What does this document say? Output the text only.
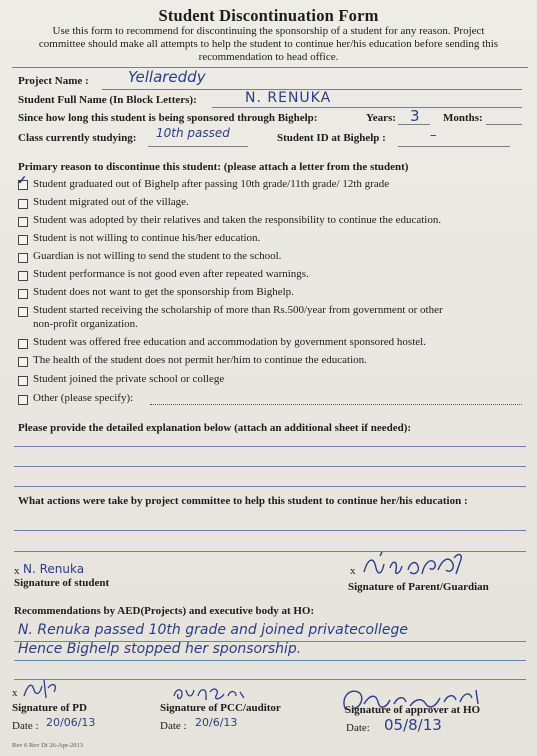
Student Discontinuation Form
Use this form to recommend for discontinuing the sponsorship of a student for any reason. Project
committee should make all attempts to help the student to continue her/his education before sending this
recommendation to head office.
Project Name :	Yellareddy
Student Full Name (In Block Letters):	N. RENUKA
Since how long this student is being sponsored through Bighelp:	Years: 3 Months:
Class currently studying: 10th passed	Student ID at Bighelp :	–
Primary reason to discontinue this student: (please attach a letter from the student)
✓ Student graduated out of Bighelp after passing 10th grade/11th grade/ 12th grade
Student migrated out of the village.
Student was adopted by their relatives and taken the responsibility to continue the education.
Student is not willing to continue his/her education.
Guardian is not willing to send the student to the school.
Student performance is not good even after repeated warnings.
Student does not want to get the sponsorship from Bighelp.
Student started receiving the scholarship of more than Rs.500/year from government or other
non-profit organization.
Student was offered free education and accommodation by government sponsored hostel.
The health of the student does not permit her/him to continue the education.
Student joined the private school or college
Other (please specify):
Please provide the detailed explanation below (attach an additional sheet if needed):
What actions were take by project committee to help this student to continue her/his education :
x N. Renuka
Signature of student
x
Signature of Parent/Guardian
Recommendations by AED(Projects) and executive body at HO:
N. Renuka passed 10th grade and joined privatecollege
Hence Bighelp stopped her sponsorship.
x
Signature of PD
Date : 20/06/13
Signature of PCC/auditor
Date : 20/6/13
Signature of approver at HO
Date: 05/8/13
Rev 6 Rev Dt 26-Apr-2013
